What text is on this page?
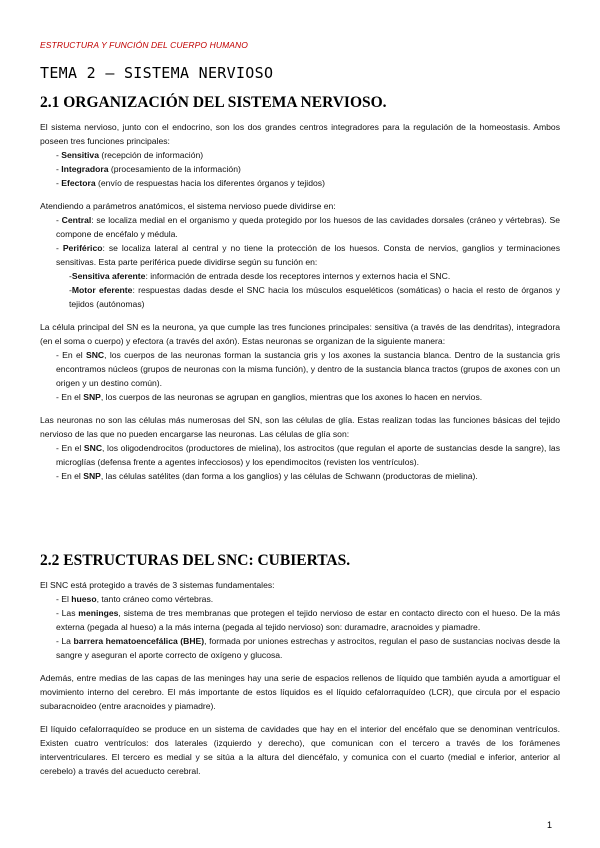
ESTRUCTURA Y FUNCIÓN DEL CUERPO HUMANO
TEMA 2 – SISTEMA NERVIOSO
2.1 ORGANIZACIÓN DEL SISTEMA NERVIOSO.

El sistema nervioso, junto con el endocrino, son los dos grandes centros integradores para la regulación de la homeostasis. Ambos poseen tres funciones principales:

- Sensitiva (recepción de información)
- Integradora (procesamiento de la información)
- Efectora (envío de respuestas hacia los diferentes órganos y tejidos)

Atendiendo a parámetros anatómicos, el sistema nervioso puede dividirse en:

- Central: se localiza medial en el organismo y queda protegido por los huesos de las cavidades dorsales (cráneo y vértebras). Se compone de encéfalo y médula.
- Periférico: se localiza lateral al central y no tiene la protección de los huesos. Consta de nervios, ganglios y terminaciones sensitivas. Esta parte periférica puede dividirse según su función en:
-Sensitiva aferente: información de entrada desde los receptores internos y externos hacia el SNC.
-Motor eferente: respuestas dadas desde el SNC hacia los músculos esqueléticos (somáticas) o hacia el resto de órganos y tejidos (autónomas)

La célula principal del SN es la neurona, ya que cumple las tres funciones principales: sensitiva (a través de las dendritas), integradora (en el soma o cuerpo) y efectora (a través del axón). Estas neuronas se organizan de la siguiente manera:

- En el SNC, los cuerpos de las neuronas forman la sustancia gris y los axones la sustancia blanca. Dentro de la sustancia gris encontramos núcleos (grupos de neuronas con la misma función), y dentro de la sustancia blanca tractos (grupos de axones con un origen y un destino común).
- En el SNP, los cuerpos de las neuronas se agrupan en ganglios, mientras que los axones lo hacen en nervios.

Las neuronas no son las células más numerosas del SN, son las células de glía. Estas realizan todas las funciones básicas del tejido nervioso de las que no pueden encargarse las neuronas. Las células de glía son:

- En el SNC, los oligodendrocitos (productores de mielina), los astrocitos (que regulan el aporte de sustancias desde la sangre), las microglías (defensa frente a agentes infecciosos) y los ependimocitos (revisten los ventrículos).
- En el SNP, las células satélites (dan forma a los ganglios) y las células de Schwann (productoras de mielina).
2.2 ESTRUCTURAS DEL SNC: CUBIERTAS.

El SNC está protegido a través de 3 sistemas fundamentales:

- El hueso, tanto cráneo como vértebras.
- Las meninges, sistema de tres membranas que protegen el tejido nervioso de estar en contacto directo con el hueso. De la más externa (pegada al hueso) a la más interna (pegada al tejido nervioso) son: duramadre, aracnoides y piamadre.
- La barrera hematoencefálica (BHE), formada por uniones estrechas y astrocitos, regulan el paso de sustancias nocivas desde la sangre y aseguran el aporte correcto de oxígeno y glucosa.

Además, entre medias de las capas de las meninges hay una serie de espacios rellenos de líquido que también ayuda a amortiguar el movimiento interno del cerebro. El más importante de estos líquidos es el líquido cefalorraquídeo (LCR), que circula por el espacio subaracnoideo (entre aracnoides y piamadre).

El líquido cefalorraquídeo se produce en un sistema de cavidades que hay en el interior del encéfalo que se denominan ventrículos. Existen cuatro ventrículos: dos laterales (izquierdo y derecho), que comunican con el tercero a través de los forámenes interventriculares. El tercero es medial y se sitúa a la altura del diencéfalo, y comunica con el cuarto (medial e inferior, anterior al cerebelo) a través del acueducto cerebral.

1
